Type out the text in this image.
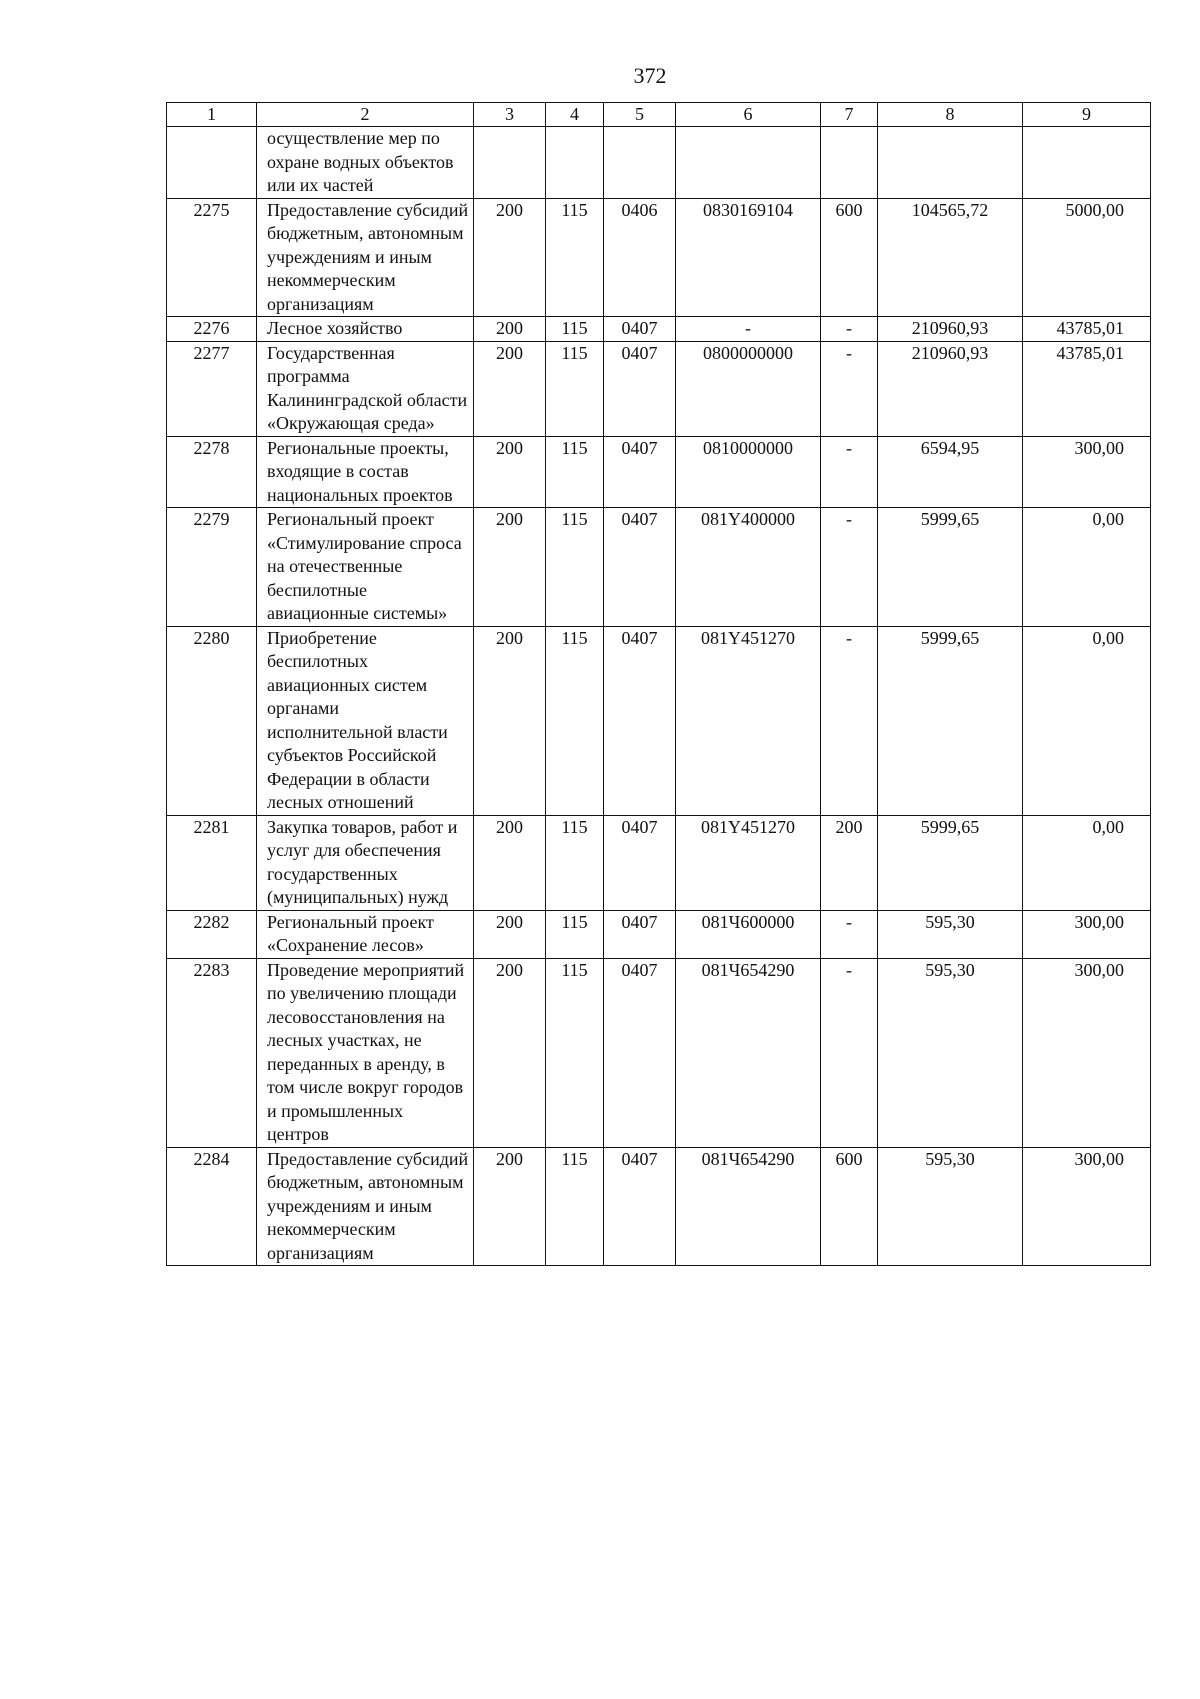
372
1	2	3	4	5	6	7	8	9
	осуществление мер по охране водных объектов или их частей							
2275	Предоставление субсидий бюджетным, автономным учреждениям и иным некоммерческим организациям	200	115	0406	0830169104	600	104565,72	5000,00
2276	Лесное хозяйство	200	115	0407	-	-	210960,93	43785,01
2277	Государственная программа Калининградской области «Окружающая среда»	200	115	0407	0800000000	-	210960,93	43785,01
2278	Региональные проекты, входящие в состав национальных проектов	200	115	0407	0810000000	-	6594,95	300,00
2279	Региональный проект «Стимулирование спроса на отечественные беспилотные авиационные системы»	200	115	0407	081Y400000	-	5999,65	0,00
2280	Приобретение беспилотных авиационных систем органами исполнительной власти субъектов Российской Федерации в области лесных отношений	200	115	0407	081Y451270	-	5999,65	0,00
2281	Закупка товаров, работ и услуг для обеспечения государственных (муниципальных) нужд	200	115	0407	081Y451270	200	5999,65	0,00
2282	Региональный проект «Сохранение лесов»	200	115	0407	081Ч600000	-	595,30	300,00
2283	Проведение мероприятий по увеличению площади лесовосстановления на лесных участках, не переданных в аренду, в том числе вокруг городов и промышленных центров	200	115	0407	081Ч654290	-	595,30	300,00
2284	Предоставление субсидий бюджетным, автономным учреждениям и иным некоммерческим организациям	200	115	0407	081Ч654290	600	595,30	300,00
